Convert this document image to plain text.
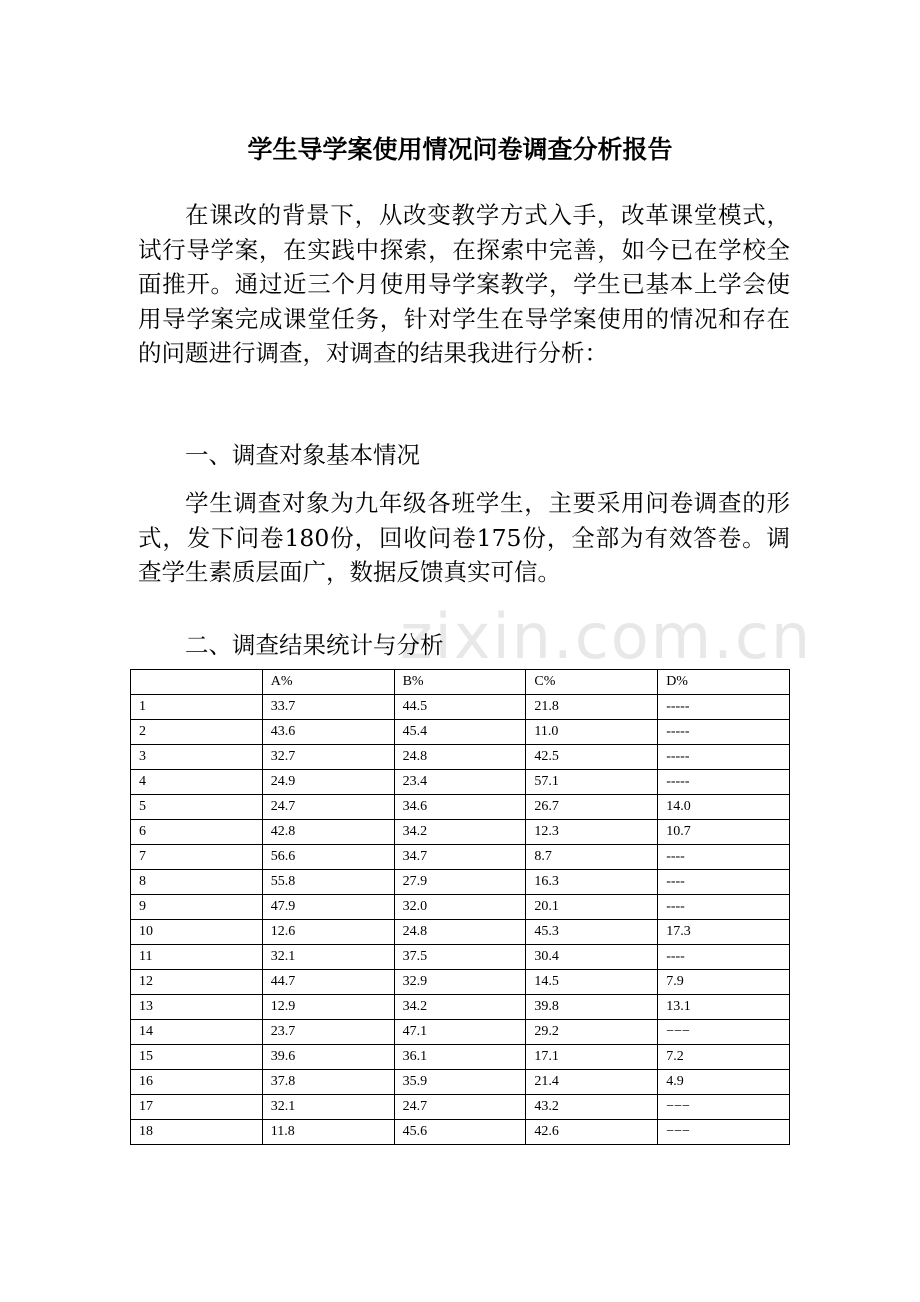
学生导学案使用情况问卷调查分析报告

在课改的背景下，从改变教学方式入手，改革课堂模式，试行导学案，在实践中探索，在探索中完善，如今已在学校全面推开。通过近三个月使用导学案教学，学生已基本上学会使用导学案完成课堂任务，针对学生在导学案使用的情况和存在的问题进行调查，对调查的结果我进行分析：

一、调查对象基本情况

学生调查对象为九年级各班学生，主要采用问卷调查的形式，发下问卷180份，回收问卷175份，全部为有效答卷。调查学生素质层面广，数据反馈真实可信。

zixin.com.cn

二、调查结果统计与分析

	A%	B%	C%	D%
1	33.7	44.5	21.8	-----
2	43.6	45.4	11.0	-----
3	32.7	24.8	42.5	-----
4	24.9	23.4	57.1	-----
5	24.7	34.6	26.7	14.0
6	42.8	34.2	12.3	10.7
7	56.6	34.7	8.7	----
8	55.8	27.9	16.3	----
9	47.9	32.0	20.1	----
10	12.6	24.8	45.3	17.3
11	32.1	37.5	30.4	----
12	44.7	32.9	14.5	7.9
13	12.9	34.2	39.8	13.1
14	23.7	47.1	29.2	−−−
15	39.6	36.1	17.1	7.2
16	37.8	35.9	21.4	4.9
17	32.1	24.7	43.2	−−−
18	11.8	45.6	42.6	−−−
